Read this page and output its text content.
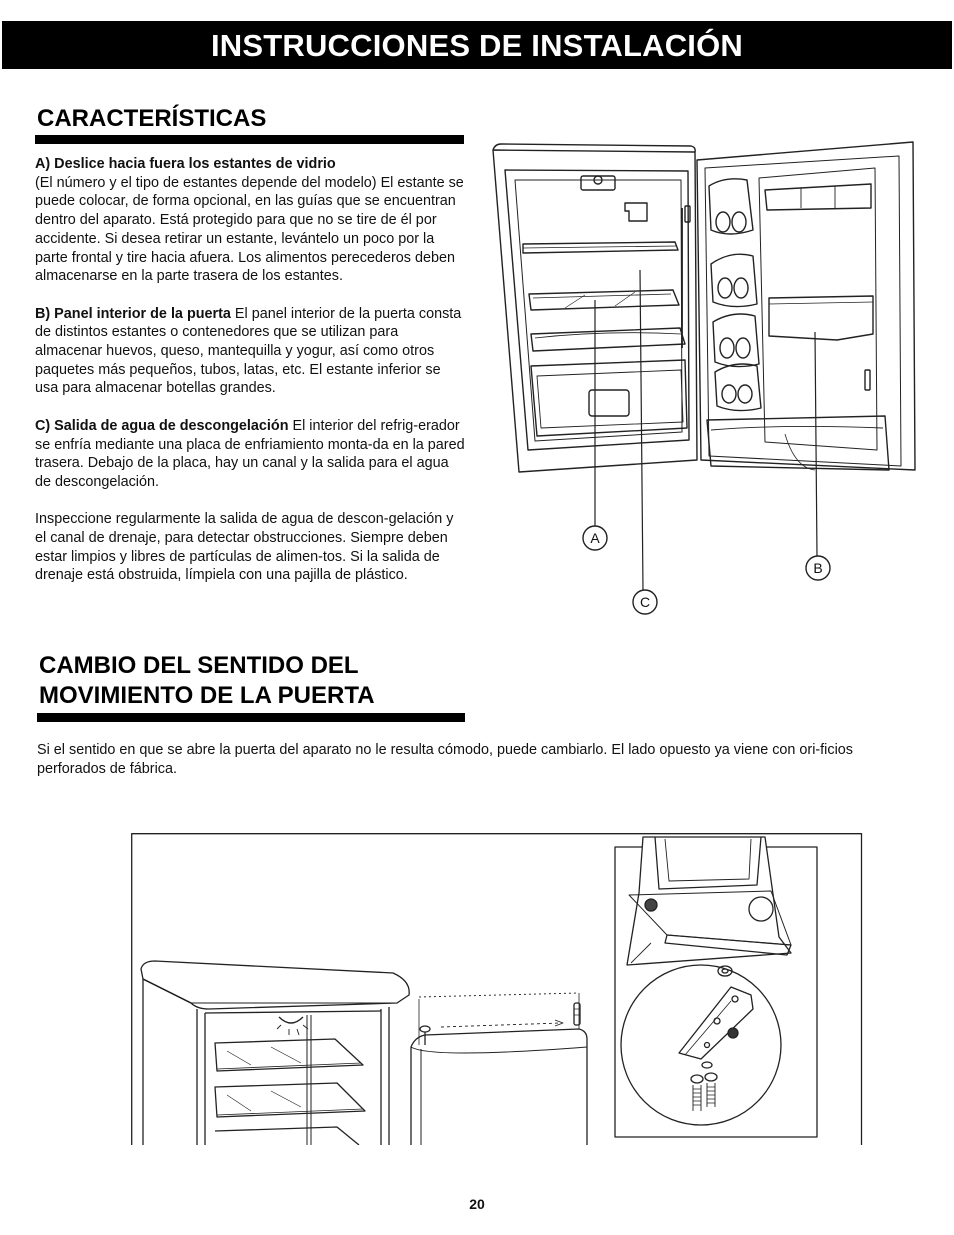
INSTRUCCIONES DE INSTALACIÓN
CARACTERÍSTICAS

A) Deslice hacia fuera los estantes de vidrio
(El número y el tipo de estantes depende del modelo) El estante se puede colocar, de forma opcional, en las guías que se encuentran dentro del aparato. Está protegido para que no se tire de él por accidente. Si desea retirar un estante, levántelo un poco por la parte frontal y tire hacia afuera. Los alimentos perecederos deben almacenarse en la parte trasera de los estantes.

B) Panel interior de la puerta El panel interior de la puerta consta de distintos estantes o contenedores que se utilizan para almacenar huevos, queso, mantequilla y yogur, así como otros paquetes más pequeños, tubos, latas, etc. El estante inferior se usa para almacenar botellas grandes.

C) Salida de agua de descongelación El interior del refrig-erador se enfría mediante una placa de enfriamiento monta-da en la pared trasera. Debajo de la placa, hay un canal y la salida para el agua de descongelación.

Inspeccione regularmente la salida de agua de descon-gelación y el canal de drenaje, para detectar obstrucciones. Siempre deben estar limpios y libres de partículas de alimen-tos. Si la salida de drenaje está obstruida, límpiela con una pajilla de plástico.

A
B
C
CAMBIO DEL SENTIDO DEL
MOVIMIENTO DE LA PUERTA
Si el sentido en que se abre la puerta del aparato no le resulta cómodo, puede cambiarlo. El lado opuesto ya viene con ori-ficios perforados de fábrica.
20
